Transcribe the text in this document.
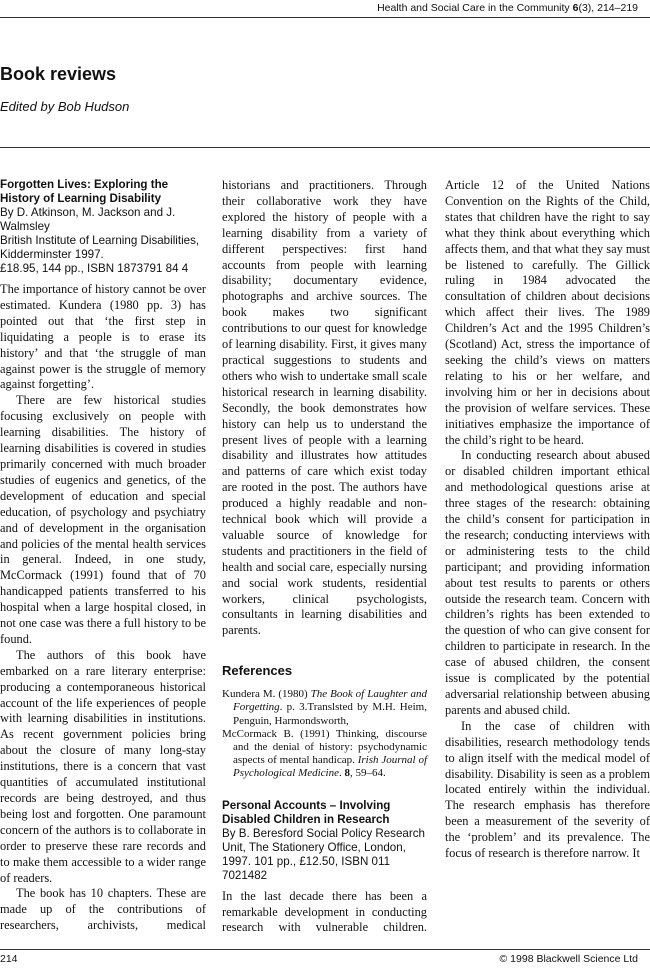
Health and Social Care in the Community 6(3), 214–219
Book reviews
Edited by Bob Hudson
Forgotten Lives: Exploring the History of Learning Disability
By D. Atkinson, M. Jackson and J. Walmsley
British Institute of Learning Disabilities, Kidderminster 1997.
£18.95, 144 pp., ISBN 1873791 84 4

The importance of history cannot be over estimated. Kundera (1980 pp. 3) has pointed out that ‘the first step in liquidating a people is to erase its history’ and that ‘the struggle of man against power is the struggle of memory against forgetting’.

There are few historical studies focusing exclusively on people with learning disabilities. The history of learning disabilities is covered in studies primarily concerned with much broader studies of eugenics and genetics, of the development of education and special education, of psychology and psychiatry and of development in the organisation and policies of the mental health services in general. Indeed, in one study, McCormack (1991) found that of 70 handicapped patients transferred to his hospital when a large hospital closed, in not one case was there a full history to be found.

The authors of this book have embarked on a rare literary enterprise: producing a contemporaneous historical account of the life experiences of people with learning disabilities in institutions. As recent government policies bring about the closure of many long-stay institutions, there is a concern that vast quantities of accumulated institutional records are being destroyed, and thus being lost and forgotten. One paramount concern of the authors is to collaborate in order to preserve these rare records and to make them accessible to a wider range of readers.

The book has 10 chapters. These are made up of the contributions of researchers, archivists, medical

historians and practitioners. Through their collaborative work they have explored the history of people with a learning disability from a variety of different perspectives: first hand accounts from people with learning disability; documentary evidence, photographs and archive sources. The book makes two significant contributions to our quest for knowledge of learning disability. First, it gives many practical suggestions to students and others who wish to undertake small scale historical research in learning disability. Secondly, the book demonstrates how history can help us to understand the present lives of people with a learning disability and illustrates how attitudes and patterns of care which exist today are rooted in the post. The authors have produced a highly readable and non-technical book which will provide a valuable source of knowledge for students and practitioners in the field of health and social care, especially nursing and social work students, residential workers, clinical psychologists, consultants in learning disabilities and parents.

References
Kundera M. (1980) The Book of Laughter and Forgetting. p. 3.Translsted by M.H. Heim, Penguin, Harmondsworth,
McCormack B. (1991) Thinking, discourse and the denial of history: psychodynamic aspects of mental handicap. Irish Journal of Psychological Medicine. 8, 59–64.
Personal Accounts – Involving Disabled Children in Research
By B. Beresford Social Policy Research Unit, The Stationery Office, London, 1997. 101 pp., £12.50, ISBN 011 7021482

In the last decade there has been a remarkable development in conducting research with vulnerable children.

Article 12 of the United Nations Convention on the Rights of the Child, states that children have the right to say what they think about everything which affects them, and that what they say must be listened to carefully. The Gillick ruling in 1984 advocated the consultation of children about decisions which affect their lives. The 1989 Children’s Act and the 1995 Children’s (Scotland) Act, stress the importance of seeking the child’s views on matters relating to his or her welfare, and involving him or her in decisions about the provision of welfare services. These initiatives emphasize the importance of the child’s right to be heard.

In conducting research about abused or disabled children important ethical and methodological questions arise at three stages of the research: obtaining the child’s consent for participation in the research; conducting interviews with or administering tests to the child participant; and providing information about test results to parents or others outside the research team. Concern with children’s rights has been extended to the question of who can give consent for children to participate in research. In the case of abused children, the consent issue is complicated by the potential adversarial relationship between abusing parents and abused child.

In the case of children with disabilities, research methodology tends to align itself with the medical model of disability. Disability is seen as a problem located entirely within the individual. The research emphasis has therefore been a measurement of the severity of the ‘problem’ and its prevalence. The focus of research is therefore narrow. It

214	© 1998 Blackwell Science Ltd
